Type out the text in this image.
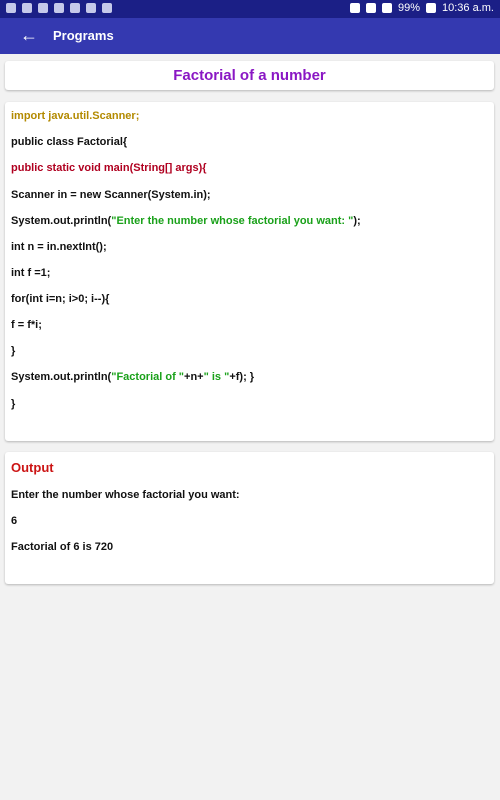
99% 10:36 a.m.
← Programs
Factorial of a number
import java.util.Scanner;
public class Factorial{
public static void main(String[] args){
Scanner in = new Scanner(System.in);
System.out.println("Enter the number whose factorial you want: ");
int n = in.nextInt();
int f =1;
for(int i=n; i>0; i--){
f = f*i;
}
System.out.println("Factorial of "+n+" is "+f); }
}
Output
Enter the number whose factorial you want:
6
Factorial of 6 is 720
